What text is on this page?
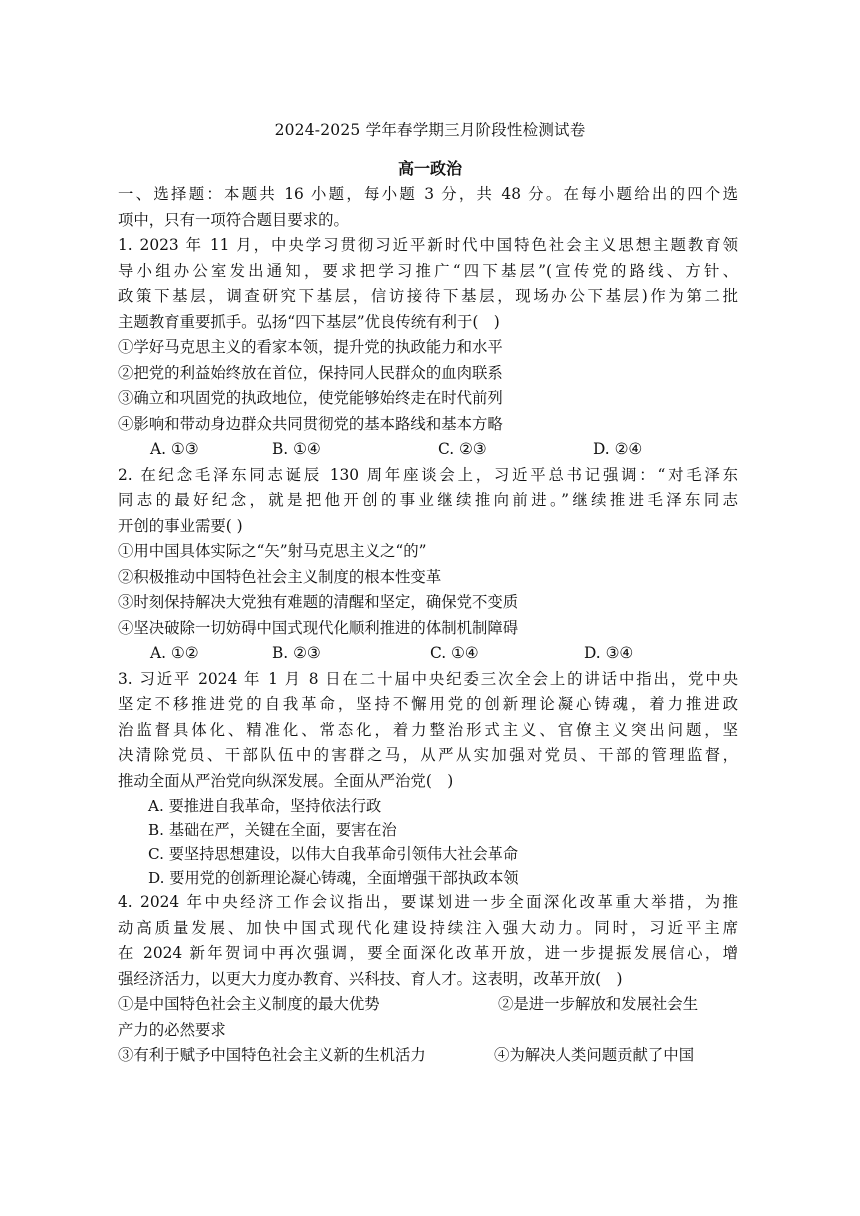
2024-2025 学年春学期三月阶段性检测试卷
高一政治
一、选择题：本题共 16 小题，每小题 3 分，共 48 分。在每小题给出的四个选
项中，只有一项符合题目要求的。
1. 2023 年 11 月，中央学习贯彻习近平新时代中国特色社会主义思想主题教育领
导小组办公室发出通知，要求把学习推广“四下基层”(宣传党的路线、方针、
政策下基层，调查研究下基层，信访接待下基层，现场办公下基层)作为第二批
主题教育重要抓手。弘扬“四下基层”优良传统有利于(　)
①学好马克思主义的看家本领，提升党的执政能力和水平
②把党的利益始终放在首位，保持同人民群众的血肉联系
③确立和巩固党的执政地位，使党能够始终走在时代前列
④影响和带动身边群众共同贯彻党的基本路线和基本方略
A. ①③	B. ①④	C. ②③	D. ②④
2. 在纪念毛泽东同志诞辰 130 周年座谈会上，习近平总书记强调：“对毛泽东
同志的最好纪念，就是把他开创的事业继续推向前进。”继续推进毛泽东同志
开创的事业需要( )
①用中国具体实际之“矢”射马克思主义之“的”
②积极推动中国特色社会主义制度的根本性变革
③时刻保持解决大党独有难题的清醒和坚定，确保党不变质
④坚决破除一切妨碍中国式现代化顺利推进的体制机制障碍
A. ①②	B. ②③	C. ①④	D. ③④
3. 习近平 2024 年 1 月 8 日在二十届中央纪委三次全会上的讲话中指出，党中央
坚定不移推进党的自我革命，坚持不懈用党的创新理论凝心铸魂，着力推进政
治监督具体化、精准化、常态化，着力整治形式主义、官僚主义突出问题，坚
决清除党员、干部队伍中的害群之马，从严从实加强对党员、干部的管理监督，
推动全面从严治党向纵深发展。全面从严治党(　)
A. 要推进自我革命，坚持依法行政
B. 基础在严，关键在全面，要害在治
C. 要坚持思想建设，以伟大自我革命引领伟大社会革命
D. 要用党的创新理论凝心铸魂，全面增强干部执政本领
4. 2024 年中央经济工作会议指出，要谋划进一步全面深化改革重大举措，为推
动高质量发展、加快中国式现代化建设持续注入强大动力。同时，习近平主席
在 2024 新年贺词中再次强调，要全面深化改革开放，进一步提振发展信心，增
强经济活力，以更大力度办教育、兴科技、育人才。这表明，改革开放(　)
①是中国特色社会主义制度的最大优势	②是进一步解放和发展社会生
产力的必然要求
③有利于赋予中国特色社会主义新的生机活力	④为解决人类问题贡献了中国
